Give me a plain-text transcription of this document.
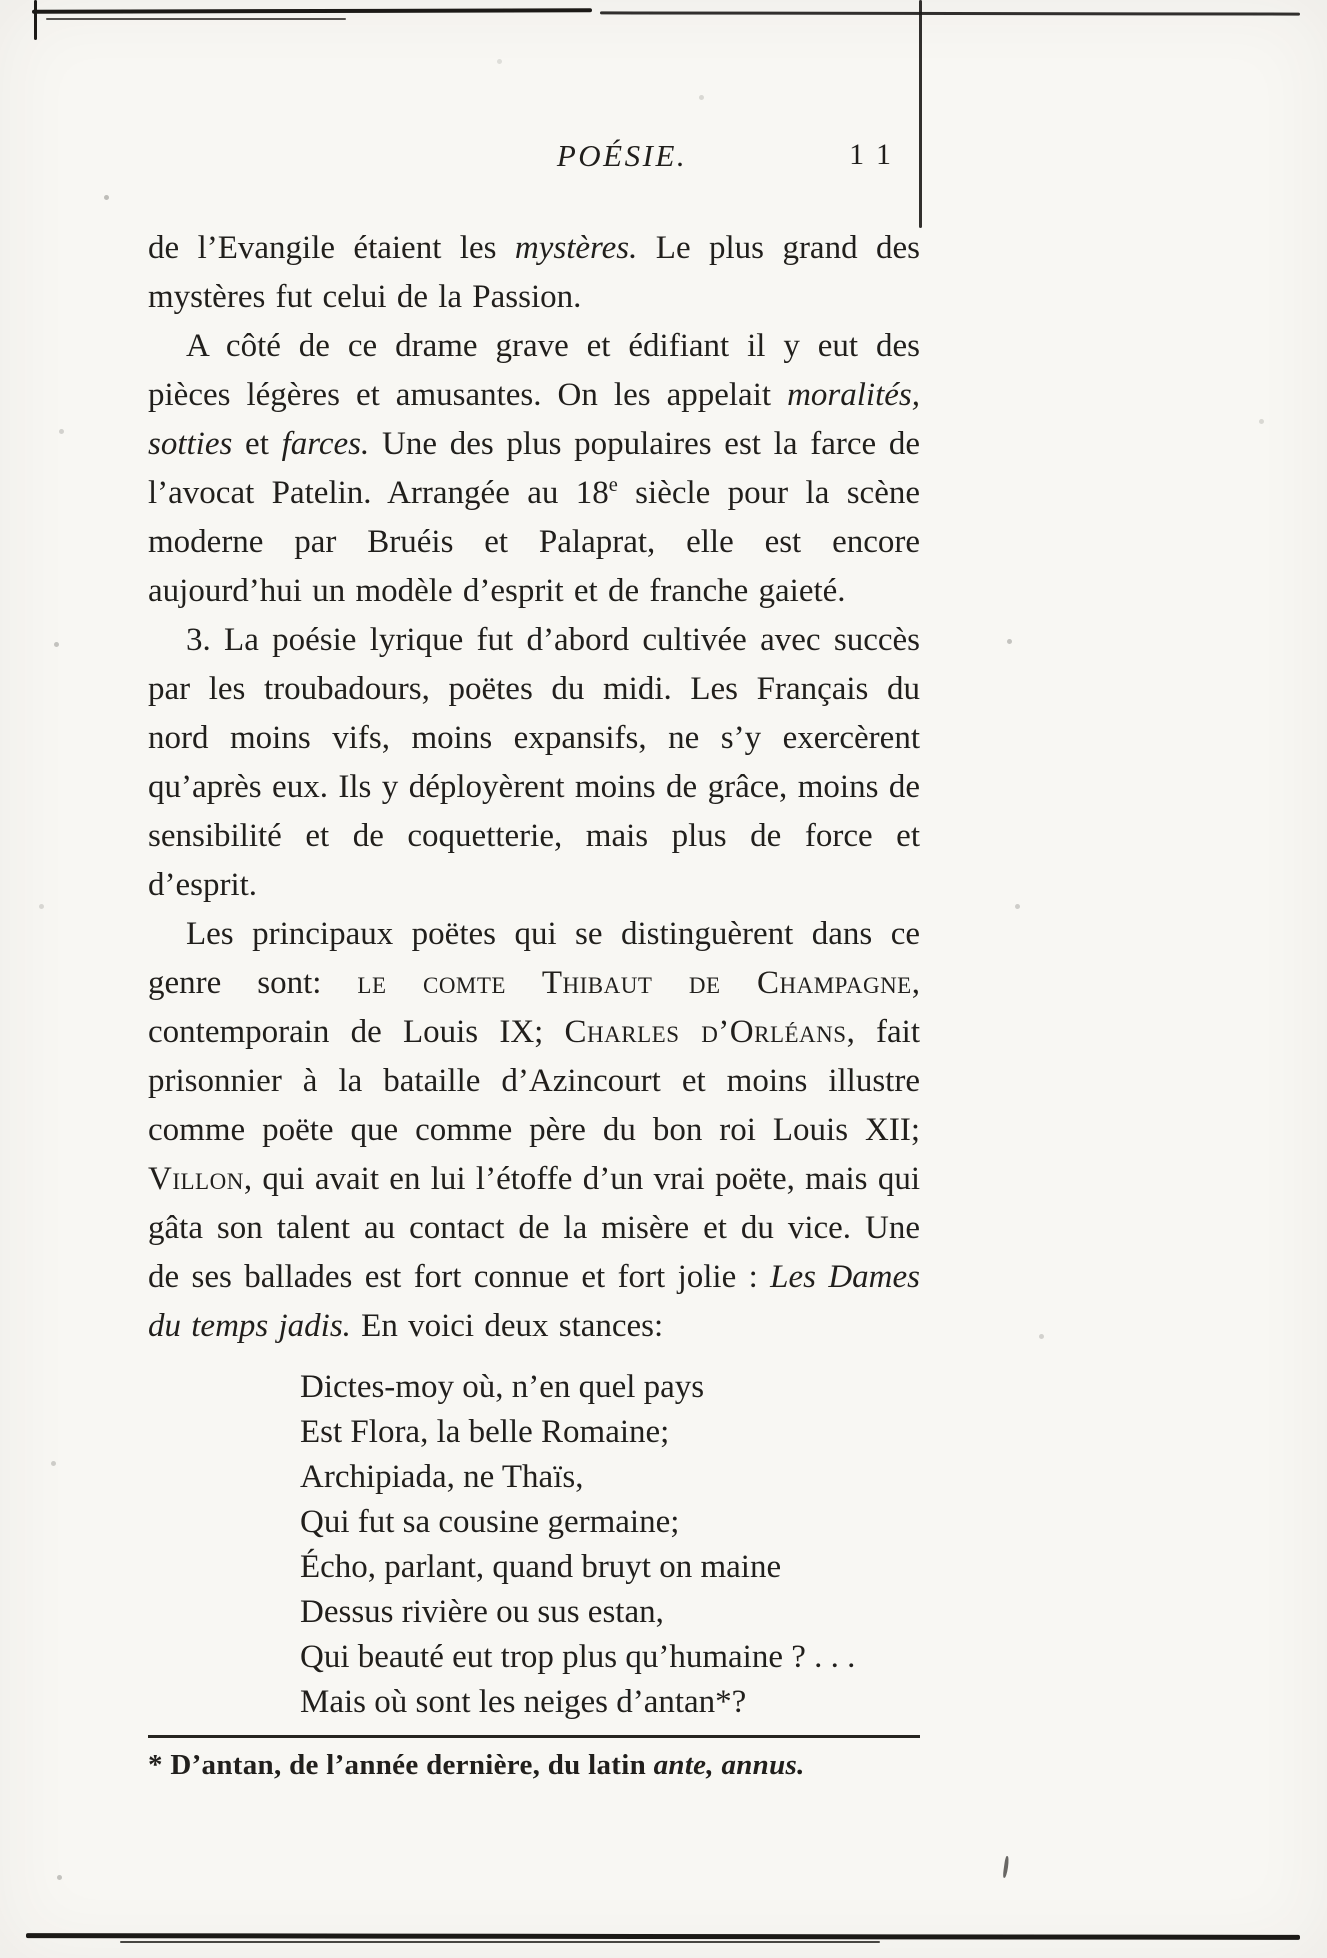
POÉSIE.	11

de l’Evangile étaient les mystères. Le plus grand des mystères fut celui de la Passion.

A côté de ce drame grave et édifiant il y eut des pièces légères et amusantes. On les appelait moralités, sotties et farces. Une des plus populaires est la farce de l’avocat Patelin. Arrangée au 18e siècle pour la scène moderne par Bruéis et Palaprat, elle est encore aujourd’hui un modèle d’esprit et de franche gaieté.

3. La poésie lyrique fut d’abord cultivée avec succès par les troubadours, poëtes du midi. Les Français du nord moins vifs, moins expansifs, ne s’y exercèrent qu’après eux. Ils y déployèrent moins de grâce, moins de sensibilité et de coquetterie, mais plus de force et d’esprit.

Les principaux poëtes qui se distinguèrent dans ce genre sont: le comte Thibaut de Champagne, contemporain de Louis IX; Charles d’Orléans, fait prisonnier à la bataille d’Azincourt et moins illustre comme poëte que comme père du bon roi Louis XII; Villon, qui avait en lui l’étoffe d’un vrai poëte, mais qui gâta son talent au contact de la misère et du vice. Une de ses ballades est fort connue et fort jolie : Les Dames du temps jadis. En voici deux stances:

Dictes-moy où, n’en quel pays
Est Flora, la belle Romaine;
Archipiada, ne Thaïs,
Qui fut sa cousine germaine;
Écho, parlant, quand bruyt on maine
Dessus rivière ou sus estan,
Qui beauté eut trop plus qu’humaine ? . . .
Mais où sont les neiges d’antan*?
* D’antan, de l’année dernière, du latin ante, annus.
